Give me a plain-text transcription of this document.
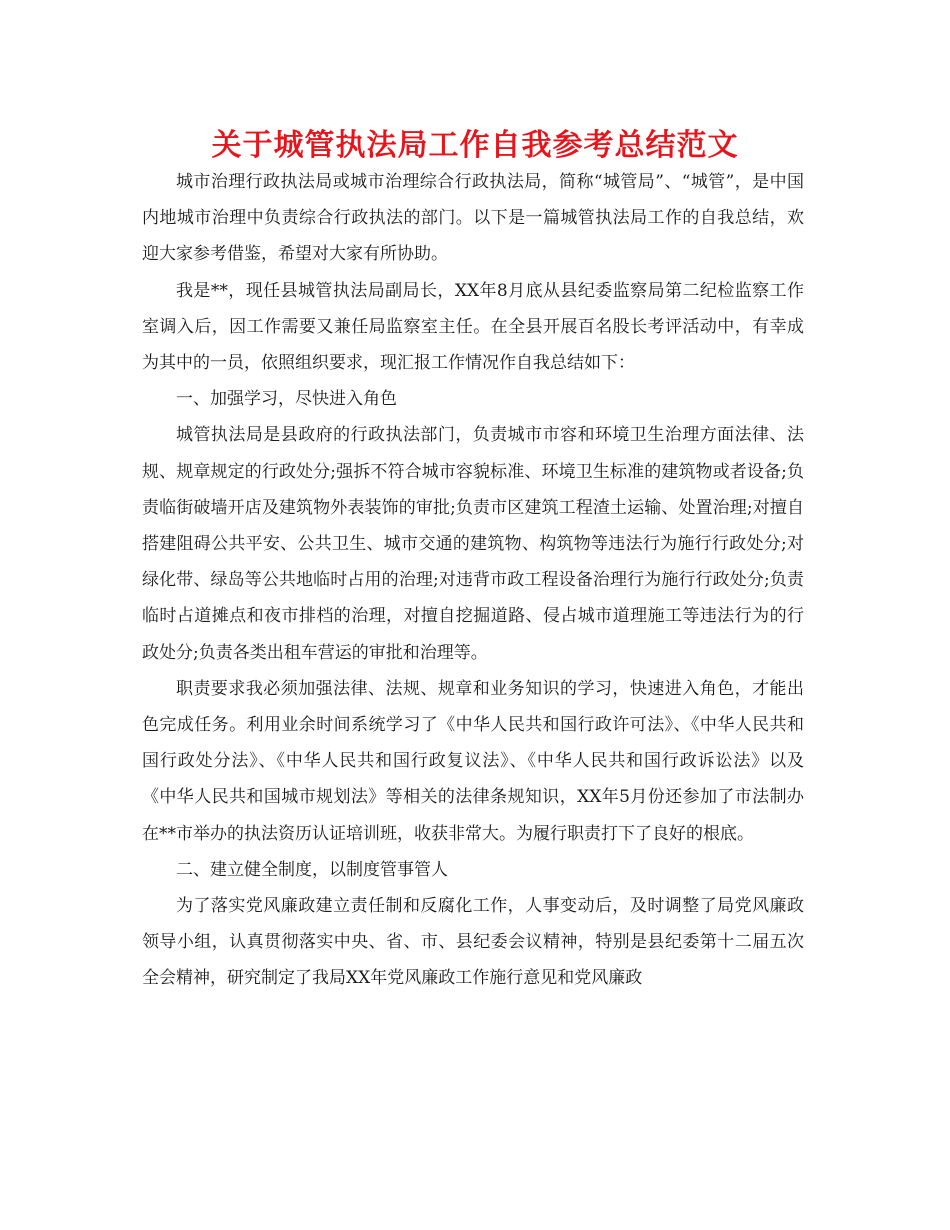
关于城管执法局工作自我参考总结范文

城市治理行政执法局或城市治理综合行政执法局，简称“城管局”、“城管”，是中国内地城市治理中负责综合行政执法的部门。以下是一篇城管执法局工作的自我总结，欢迎大家参考借鉴，希望对大家有所协助。

我是**，现任县城管执法局副局长，XX年8月底从县纪委监察局第二纪检监察工作室调入后，因工作需要又兼任局监察室主任。在全县开展百名股长考评活动中，有幸成为其中的一员，依照组织要求，现汇报工作情况作自我总结如下：

一、加强学习，尽快进入角色

城管执法局是县政府的行政执法部门，负责城市市容和环境卫生治理方面法律、法规、规章规定的行政处分;强拆不符合城市容貌标准、环境卫生标准的建筑物或者设备;负责临街破墙开店及建筑物外表装饰的审批;负责市区建筑工程渣土运输、处置治理;对擅自搭建阻碍公共平安、公共卫生、城市交通的建筑物、构筑物等违法行为施行行政处分;对绿化带、绿岛等公共地临时占用的治理;对违背市政工程设备治理行为施行行政处分;负责临时占道摊点和夜市排档的治理，对擅自挖掘道路、侵占城市道理施工等违法行为的行政处分;负责各类出租车营运的审批和治理等。

职责要求我必须加强法律、法规、规章和业务知识的学习，快速进入角色，才能出色完成任务。利用业余时间系统学习了《中华人民共和国行政许可法》、《中华人民共和国行政处分法》、《中华人民共和国行政复议法》、《中华人民共和国行政诉讼法》以及《中华人民共和国城市规划法》等相关的法律条规知识，XX年5月份还参加了市法制办在**市举办的执法资历认证培训班，收获非常大。为履行职责打下了良好的根底。

二、建立健全制度，以制度管事管人

为了落实党风廉政建立责任制和反腐化工作，人事变动后，及时调整了局党风廉政领导小组，认真贯彻落实中央、省、市、县纪委会议精神，特别是县纪委第十二届五次全会精神，研究制定了我局XX年党风廉政工作施行意见和党风廉政
